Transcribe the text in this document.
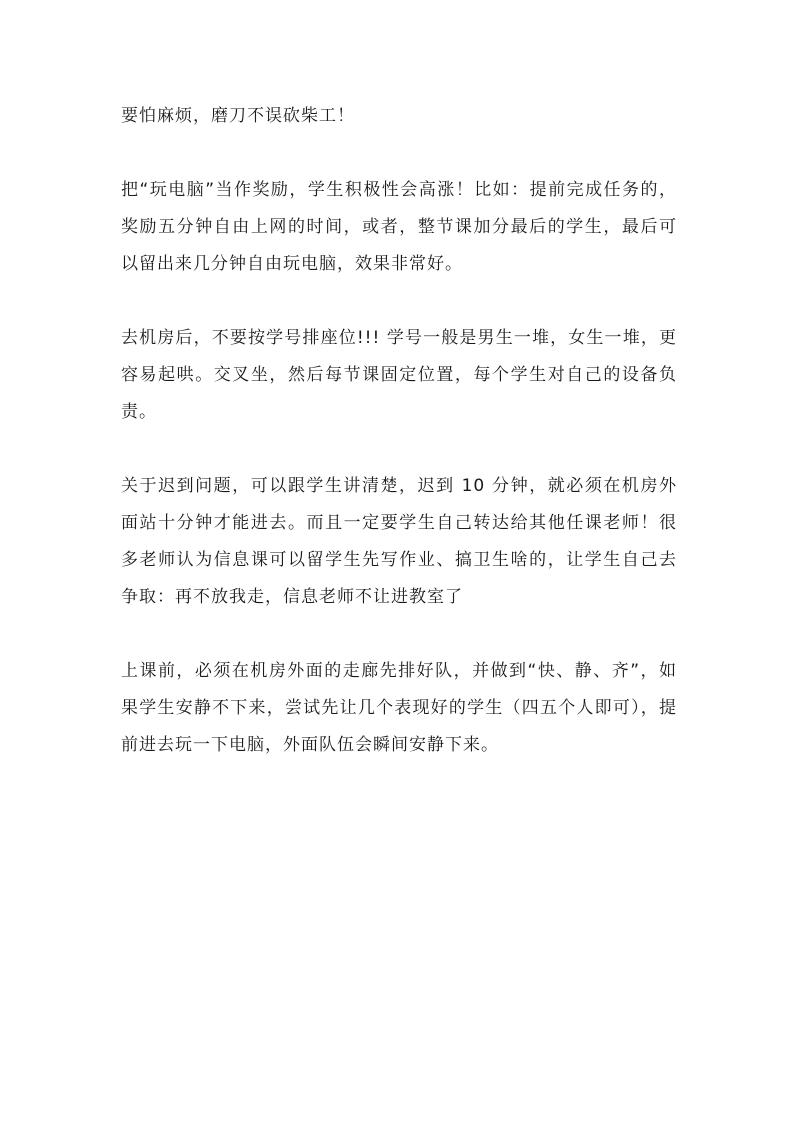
要怕麻烦，磨刀不误砍柴工！

把“玩电脑”当作奖励，学生积极性会高涨！比如：提前完成任务的，奖励五分钟自由上网的时间，或者，整节课加分最后的学生，最后可以留出来几分钟自由玩电脑，效果非常好。

去机房后，不要按学号排座位!!! 学号一般是男生一堆，女生一堆，更容易起哄。交叉坐，然后每节课固定位置，每个学生对自己的设备负责。

关于迟到问题，可以跟学生讲清楚，迟到 10 分钟，就必须在机房外面站十分钟才能进去。而且一定要学生自己转达给其他任课老师！很多老师认为信息课可以留学生先写作业、搞卫生啥的，让学生自己去争取：再不放我走，信息老师不让进教室了

上课前，必须在机房外面的走廊先排好队，并做到“快、静、齐”，如果学生安静不下来，尝试先让几个表现好的学生（四五个人即可），提前进去玩一下电脑，外面队伍会瞬间安静下来。
